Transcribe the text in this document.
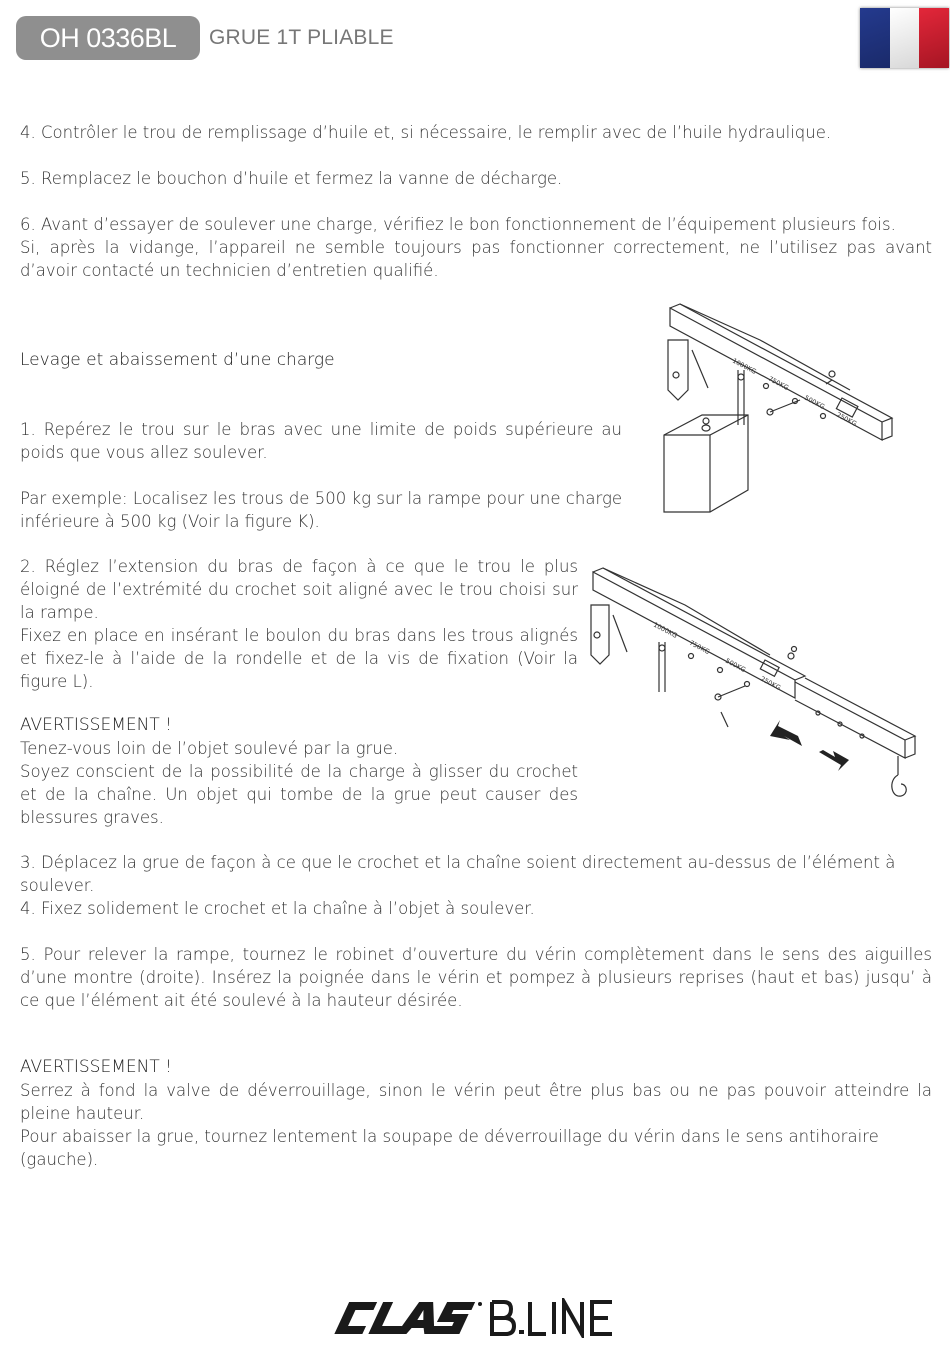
OH 0336BL	GRUE 1T PLIABLE

4. Contrôler le trou de remplissage d’huile et, si nécessaire, le remplir avec de l’huile hydraulique.

5. Remplacez le bouchon d’huile et fermez la vanne de décharge.

6. Avant d’essayer de soulever une charge, vérifiez le bon fonctionnement de l’équipement plusieurs fois.

Si, après la vidange, l’appareil ne semble toujours pas fonctionner correctement, ne l’utilisez pas avant d’avoir contacté un technicien d’entretien qualifié.

Levage et abaissement d’une charge

1. Repérez le trou sur le bras avec une limite de poids supérieure au poids que vous allez soulever.

Par exemple: Localisez les trous de 500 kg sur la rampe pour une charge inférieure à 500 kg (Voir la figure K).

2. Réglez l’extension du bras de façon à ce que le trou le plus éloigné de l’extrémité du crochet soit aligné avec le trou choisi sur la rampe.

Fixez en place en insérant le boulon du bras dans les trous alignés et fixez-le à l’aide de la rondelle et de la vis de fixation (Voir la figure L).

AVERTISSEMENT !

Tenez-vous loin de l’objet soulevé par la grue.

Soyez conscient de la possibilité de la charge à glisser du crochet et de la chaîne. Un objet qui tombe de la grue peut causer des blessures graves.

3. Déplacez la grue de façon à ce que le crochet et la chaîne soient directement au-dessus de l’élément à soulever.

4. Fixez solidement le crochet et la chaîne à l’objet à soulever.

5. Pour relever la rampe, tournez le robinet d’ouverture du vérin complètement dans le sens des aiguilles d’une montre (droite). Insérez la poignée dans le vérin et pompez à plusieurs reprises (haut et bas) jusqu’ à ce que l’élément ait été soulevé à la hauteur désirée.

AVERTISSEMENT !

Serrez à fond la valve de déverrouillage, sinon le vérin peut être plus bas ou ne pas pouvoir atteindre la pleine hauteur.

Pour abaisser la grue, tournez lentement la soupape de déverrouillage du vérin dans le sens antihoraire (gauche).

1000KG
750KG
500KG
250KG
1000KG
750KG
500KG
250KG
